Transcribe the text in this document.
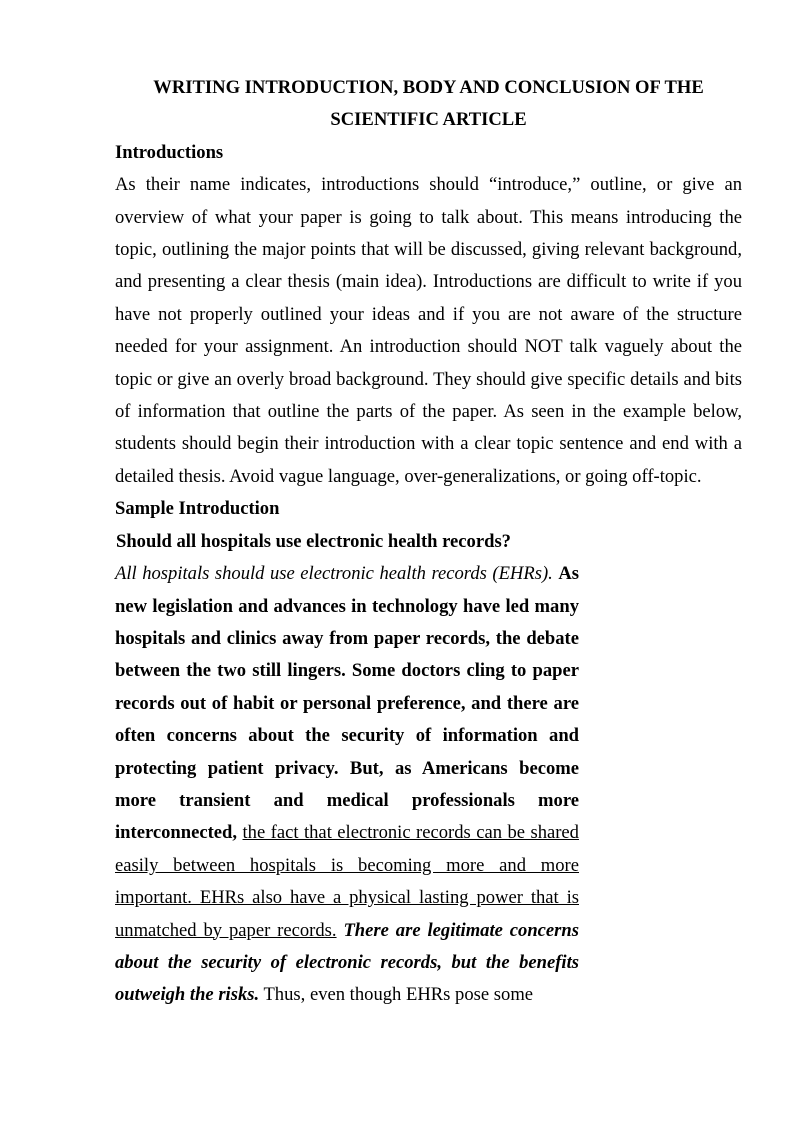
WRITING INTRODUCTION, BODY AND CONCLUSION OF THE SCIENTIFIC ARTICLE

Introductions

As their name indicates, introductions should “introduce,” outline, or give an overview of what your paper is going to talk about. This means introducing the topic, outlining the major points that will be discussed, giving relevant background, and presenting a clear thesis (main idea). Introductions are difficult to write if you have not properly outlined your ideas and if you are not aware of the structure needed for your assignment. An introduction should NOT talk vaguely about the topic or give an overly broad background. They should give specific details and bits of information that outline the parts of the paper. As seen in the example below, students should begin their introduction with a clear topic sentence and end with a detailed thesis. Avoid vague language, over-generalizations, or going off-topic.

Sample Introduction

Should all hospitals use electronic health records?

All hospitals should use electronic health records (EHRs). As new legislation and advances in technology have led many hospitals and clinics away from paper records, the debate between the two still lingers. Some doctors cling to paper records out of habit or personal preference, and there are often concerns about the security of information and protecting patient privacy. But, as Americans become more transient and medical professionals more interconnected, the fact that electronic records can be shared easily between hospitals is becoming more and more important. EHRs also have a physical lasting power that is unmatched by paper records. There are legitimate concerns about the security of electronic records, but the benefits outweigh the risks. Thus, even though EHRs pose some
